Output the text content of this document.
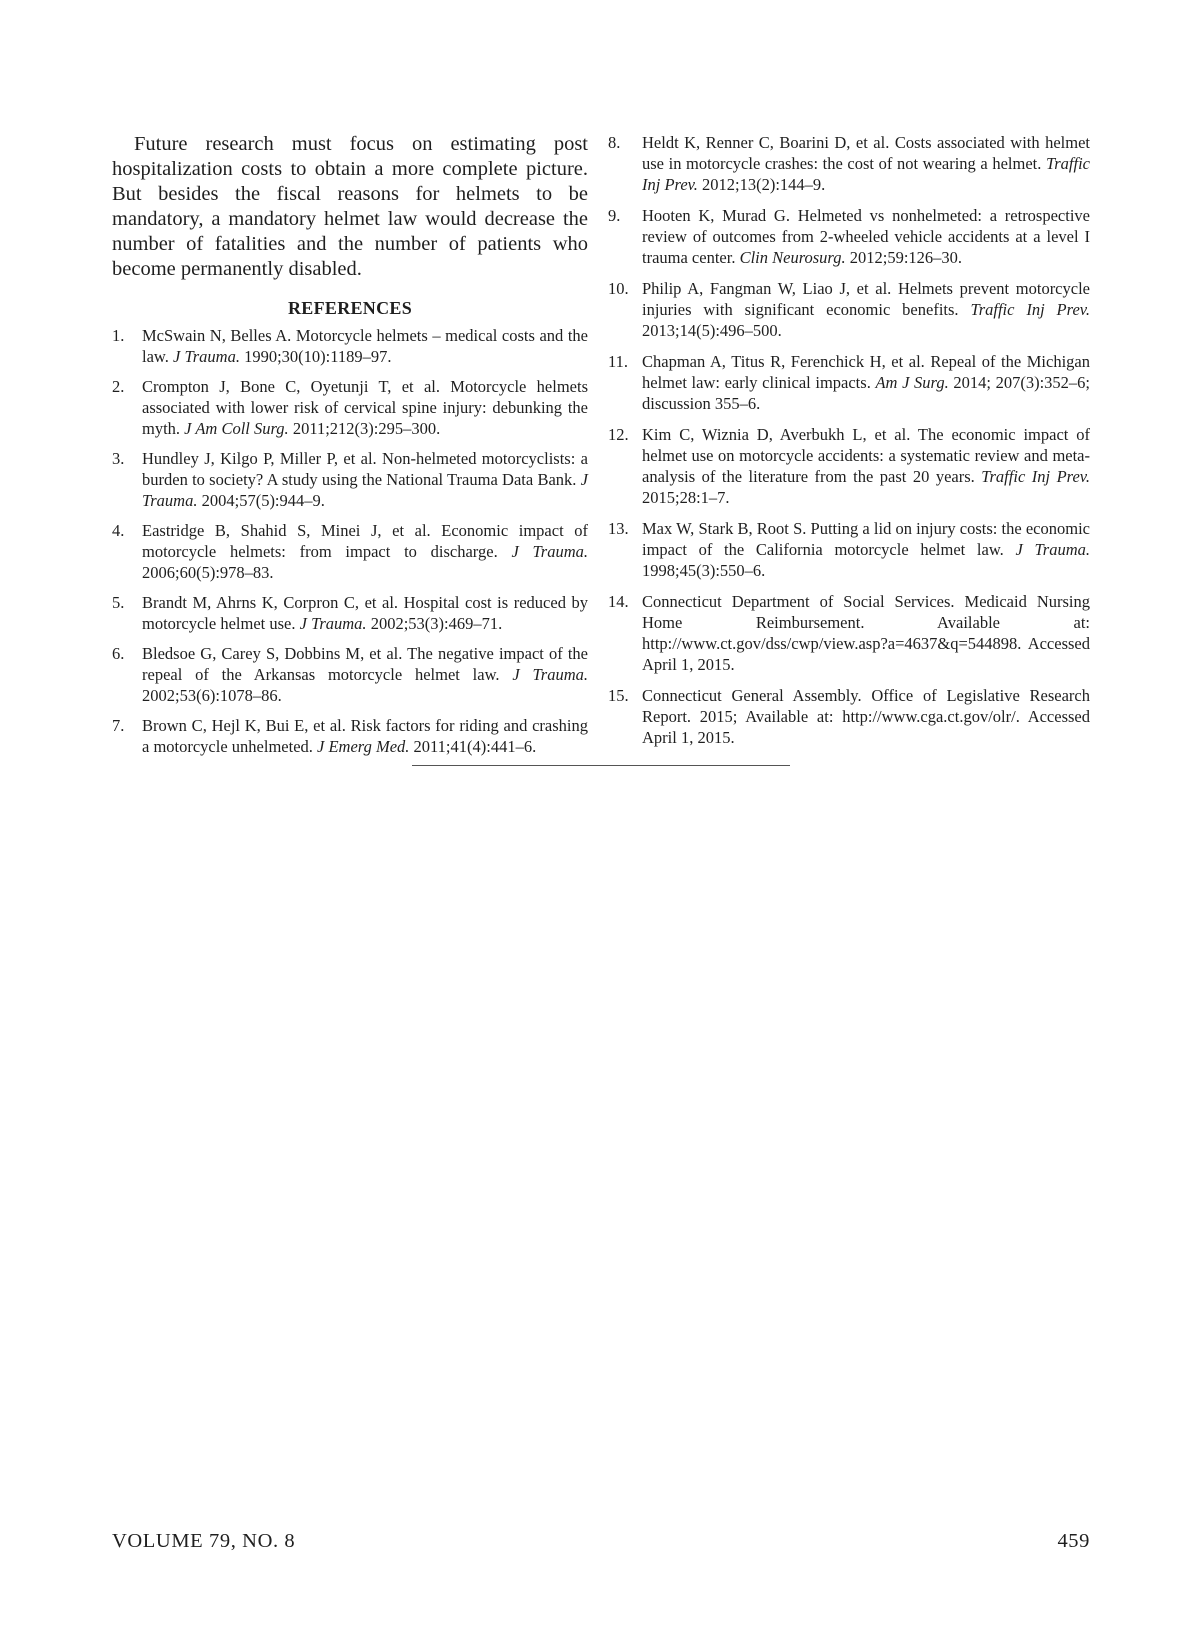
Future research must focus on estimating post hospitalization costs to obtain a more complete picture. But besides the fiscal reasons for helmets to be mandatory, a mandatory helmet law would decrease the number of fatalities and the number of patients who become permanently disabled.

REFERENCES
1. McSwain N, Belles A. Motorcycle helmets – medical costs and the law. J Trauma. 1990;30(10):1189–97.
2. Crompton J, Bone C, Oyetunji T, et al. Motorcycle helmets associated with lower risk of cervical spine injury: debunking the myth. J Am Coll Surg. 2011;212(3):295–300.
3. Hundley J, Kilgo P, Miller P, et al. Non-helmeted motorcyclists: a burden to society? A study using the National Trauma Data Bank. J Trauma. 2004;57(5):944–9.
4. Eastridge B, Shahid S, Minei J, et al. Economic impact of motorcycle helmets: from impact to discharge. J Trauma. 2006;60(5):978–83.
5. Brandt M, Ahrns K, Corpron C, et al. Hospital cost is reduced by motorcycle helmet use. J Trauma. 2002;53(3):469–71.
6. Bledsoe G, Carey S, Dobbins M, et al. The negative impact of the repeal of the Arkansas motorcycle helmet law. J Trauma. 2002;53(6):1078–86.
7. Brown C, Hejl K, Bui E, et al. Risk factors for riding and crashing a motorcycle unhelmeted. J Emerg Med. 2011;41(4):441–6.
8. Heldt K, Renner C, Boarini D, et al. Costs associated with helmet use in motorcycle crashes: the cost of not wearing a helmet. Traffic Inj Prev. 2012;13(2):144–9.
9. Hooten K, Murad G. Helmeted vs nonhelmeted: a retrospective review of outcomes from 2-wheeled vehicle accidents at a level I trauma center. Clin Neurosurg. 2012;59:126–30.
10. Philip A, Fangman W, Liao J, et al. Helmets prevent motorcycle injuries with significant economic benefits. Traffic Inj Prev. 2013;14(5):496–500.
11. Chapman A, Titus R, Ferenchick H, et al. Repeal of the Michigan helmet law: early clinical impacts. Am J Surg. 2014; 207(3):352–6; discussion 355–6.
12. Kim C, Wiznia D, Averbukh L, et al. The economic impact of helmet use on motorcycle accidents: a systematic review and meta-analysis of the literature from the past 20 years. Traffic Inj Prev. 2015;28:1–7.
13. Max W, Stark B, Root S. Putting a lid on injury costs: the economic impact of the California motorcycle helmet law. J Trauma. 1998;45(3):550–6.
14. Connecticut Department of Social Services. Medicaid Nursing Home Reimbursement. Available at: http://www.ct.gov/dss/cwp/view.asp?a=4637&q=544898. Accessed April 1, 2015.
15. Connecticut General Assembly. Office of Legislative Research Report. 2015; Available at: http://www.cga.ct.gov/olr/. Accessed April 1, 2015.
VOLUME 79, NO. 8	459
